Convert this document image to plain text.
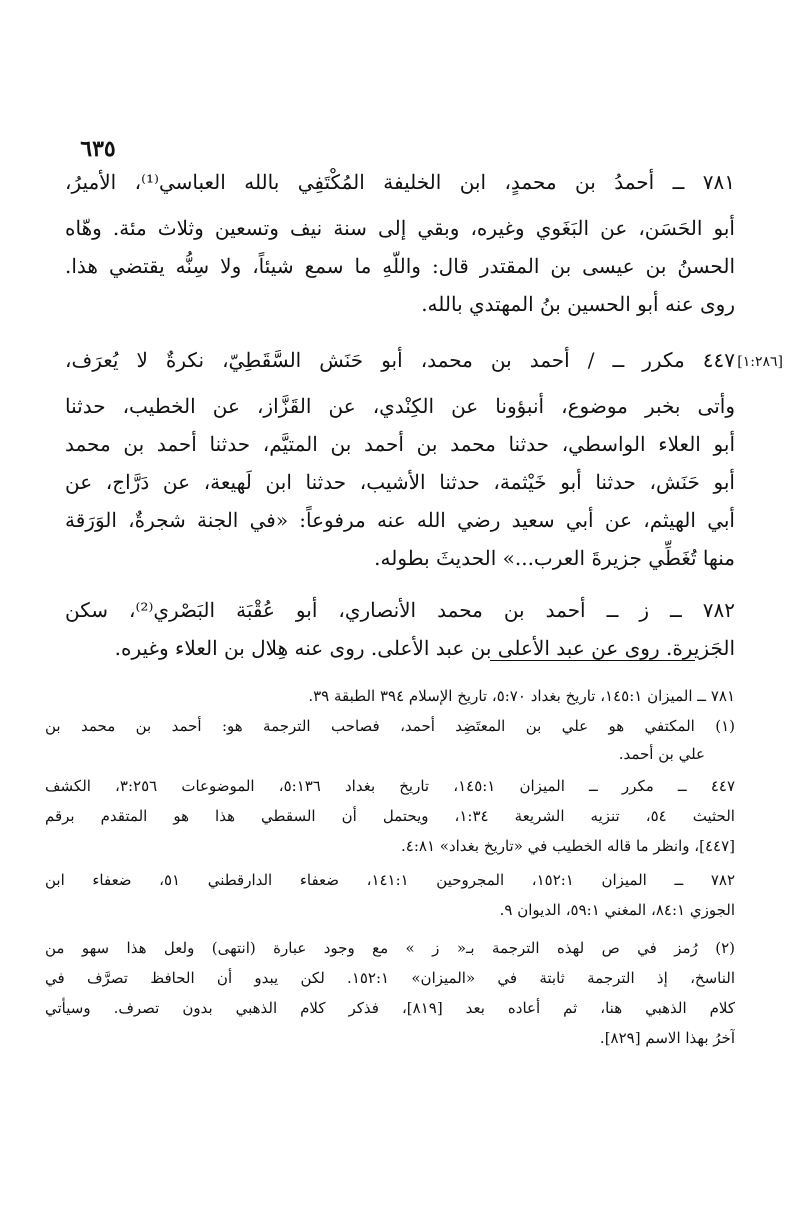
٦٣٥
٧٨١ ــ أحمدُ بن محمدٍ، ابن الخليفة المُكْتَفِي بالله العباسي⁽¹⁾، الأميرُ،
أبو الحَسَن، عن البَغَوي وغيره، وبقي إلى سنة نيف وتسعين وثلاث مئة. وهّاه
الحسنُ بن عيسى بن المقتدر قال: واللّهِ ما سمع شيئاً، ولا سِنُّه يقتضي هذا.
روى عنه أبو الحسين بنُ المهتدي بالله.
[١:٢٨٦]
٤٤٧ مكرر ــ / أحمد بن محمد، أبو حَنَش السَّقَطِيّ، نكرةٌ لا يُعرَف،
وأتى بخبر موضوع، أنبؤونا عن الكِنْدي، عن القَزَّاز، عن الخطيب، حدثنا
أبو العلاء الواسطي، حدثنا محمد بن أحمد بن المتيَّم، حدثنا أحمد بن محمد
أبو حَنَش، حدثنا أبو خَيْثمة، حدثنا الأشيب، حدثنا ابن لَهيعة، عن دَرَّاج، عن
أبي الهيثم، عن أبي سعيد رضي الله عنه مرفوعاً: «في الجنة شجرةٌ، الوَرَقة
منها تُغَطِّي جزيرةَ العرب...» الحديثَ بطوله.
٧٨٢ ــ ز ــ أحمد بن محمد الأنصاري، أبو عُقْبَة البَصْري⁽²⁾، سكن
الجَزيرة. روى عن عبد الأعلى بن عبد الأعلى. روى عنه هِلال بن العلاء وغيره.
٧٨١ ــ الميزان ١٤٥:١، تاريخ بغداد ٥:٧٠، تاريخ الإسلام ٣٩٤ الطبقة ٣٩.
(١) المكتفي هو علي بن المعتَضِد أحمد، فصاحب الترجمة هو: أحمد بن محمد بن
علي بن أحمد.
٤٤٧ ــ مكرر ــ الميزان ١٤٥:١، تاريخ بغداد ٥:١٣٦، الموضوعات ٣:٢٥٦، الكشف
الحثيث ٥٤، تنزيه الشريعة ١:٣٤، ويحتمل أن السقطي هذا هو المتقدم برقم
[٤٤٧]، وانظر ما قاله الخطيب في «تاريخ بغداد» ٤:٨١.
٧٨٢ ــ الميزان ١٥٢:١، المجروحين ١٤١:١، ضعفاء الدارقطني ٥١، ضعفاء ابن
الجوزي ٨٤:١، المغني ٥٩:١، الديوان ٩.
(٢) رُمز في ص لهذه الترجمة بـ« ز » مع وجود عبارة (انتهى) ولعل هذا سهو من
الناسخ، إذ الترجمة ثابتة في «الميزان» ١٥٢:١. لكن يبدو أن الحافظ تصرَّف في
كلام الذهبي هنا، ثم أعاده بعد [٨١٩]، فذكر كلام الذهبي بدون تصرف. وسيأتي
آخرُ بهذا الاسم [٨٢٩].
